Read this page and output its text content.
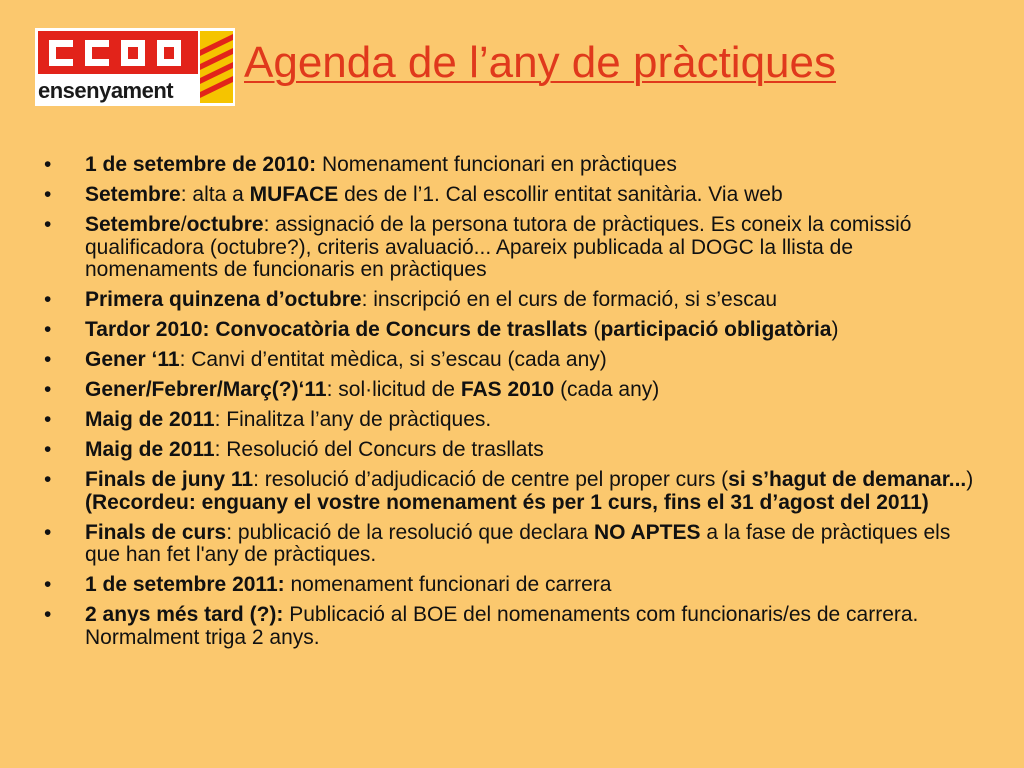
ensenyament
Agenda de l’any de pràctiques
• 1 de setembre de 2010: Nomenament funcionari en pràctiques
• Setembre: alta a MUFACE des de l’1. Cal escollir entitat sanitària. Via web
• Setembre/octubre: assignació de la persona tutora de pràctiques. Es coneix la comissió qualificadora (octubre?), criteris avaluació... Apareix publicada al DOGC la llista de nomenaments de funcionaris en pràctiques
• Primera quinzena d’octubre: inscripció en el curs de formació, si s’escau
• Tardor 2010: Convocatòria de Concurs de trasllats (participació obligatòria)
• Gener ‘11: Canvi d’entitat mèdica, si s’escau (cada any)
• Gener/Febrer/Març(?)‘11: sol·licitud de FAS 2010 (cada any)
• Maig de 2011: Finalitza l’any de pràctiques.
• Maig de 2011: Resolució del Concurs de trasllats
• Finals de juny 11: resolució d’adjudicació de centre pel proper curs (si s’hagut de demanar...) (Recordeu: enguany el vostre nomenament és per 1 curs, fins el 31 d’agost del 2011)
• Finals de curs: publicació de la resolució que declara NO APTES a la fase de pràctiques els que han fet l'any de pràctiques.
• 1 de setembre 2011: nomenament funcionari de carrera
• 2 anys més tard (?): Publicació al BOE del nomenaments com funcionaris/es de carrera. Normalment triga 2 anys.
